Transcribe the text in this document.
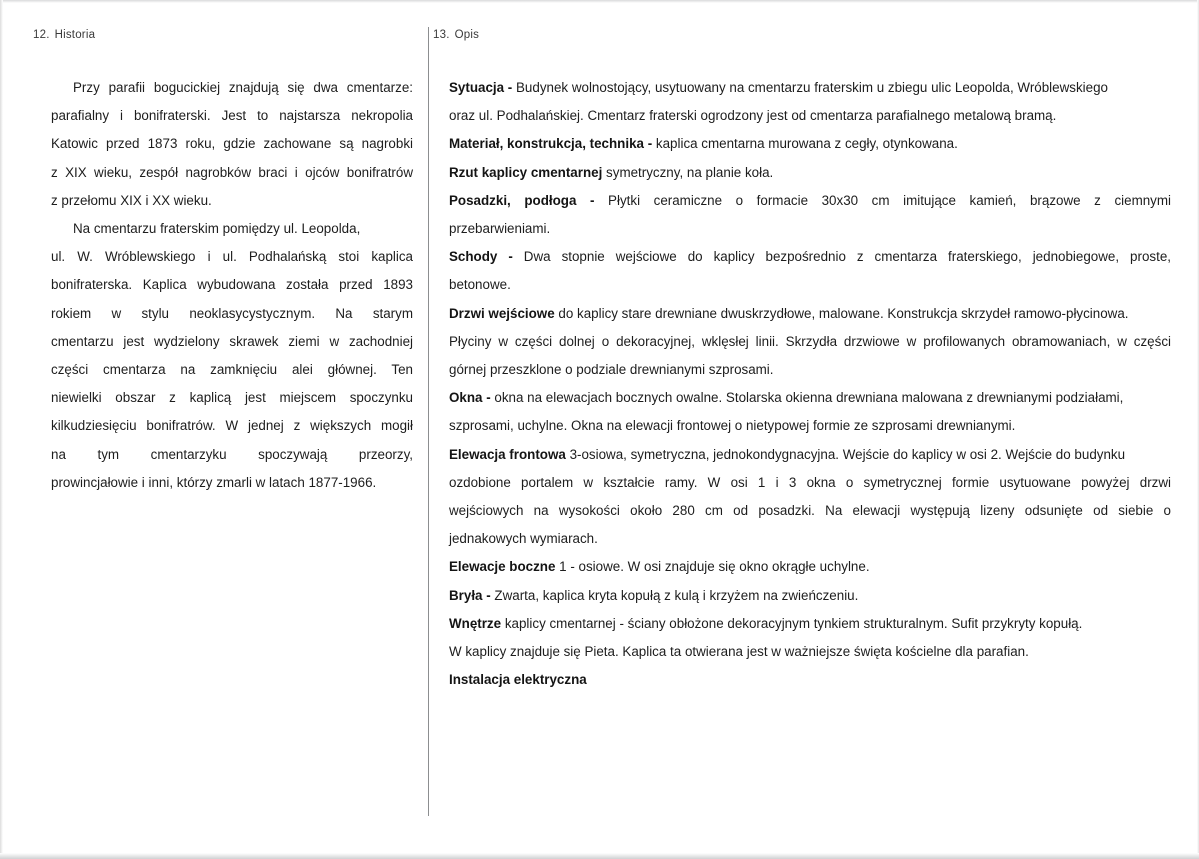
12. Historia	13. Opis

Przy parafii bogucickiej znajdują się dwa cmentarze:
parafialny i bonifraterski. Jest to najstarsza nekropolia
Katowic przed 1873 roku, gdzie zachowane są nagrobki
z XIX wieku, zespół nagrobków braci i ojców bonifratrów
z przełomu XIX i XX wieku.

Na cmentarzu fraterskim pomiędzy ul. Leopolda,
ul. W. Wróblewskiego i ul. Podhalańską stoi kaplica
bonifraterska. Kaplica wybudowana została przed 1893
rokiem w stylu neoklasycystycznym. Na starym
cmentarzu jest wydzielony skrawek ziemi w zachodniej
części cmentarza na zamknięciu alei głównej. Ten
niewielki obszar z kaplicą jest miejscem spoczynku
kilkudziesięciu bonifratrów. W jednej z większych mogił
na tym cmentarzyku spoczywają przeorzy,
prowincjałowie i inni, którzy zmarli w latach 1877-1966.

Sytuacja - Budynek wolnostojący, usytuowany na cmentarzu fraterskim u zbiegu ulic Leopolda, Wróblewskiego
oraz ul. Podhalańskiej. Cmentarz fraterski ogrodzony jest od cmentarza parafialnego metalową bramą.
Materiał, konstrukcja, technika - kaplica cmentarna murowana z cegły, otynkowana.
Rzut kaplicy cmentarnej symetryczny, na planie koła.
Posadzki, podłoga - Płytki ceramiczne o formacie 30x30 cm imitujące kamień, brązowe z ciemnymi
przebarwieniami.
Schody - Dwa stopnie wejściowe do kaplicy bezpośrednio z cmentarza fraterskiego, jednobiegowe, proste,
betonowe.
Drzwi wejściowe do kaplicy stare drewniane dwuskrzydłowe, malowane. Konstrukcja skrzydeł ramowo-płycinowa.
Płyciny w części dolnej o dekoracyjnej, wklęsłej linii. Skrzydła drzwiowe w profilowanych obramowaniach, w części
górnej przeszklone o podziale drewnianymi szprosami.
Okna - okna na elewacjach bocznych owalne. Stolarska okienna drewniana malowana z drewnianymi podziałami,
szprosami, uchylne. Okna na elewacji frontowej o nietypowej formie ze szprosami drewnianymi.
Elewacja frontowa 3-osiowa, symetryczna, jednokondygnacyjna. Wejście do kaplicy w osi 2. Wejście do budynku
ozdobione portalem w kształcie ramy. W osi 1 i 3 okna o symetrycznej formie usytuowane powyżej drzwi
wejściowych na wysokości około 280 cm od posadzki. Na elewacji występują lizeny odsunięte od siebie o
jednakowych wymiarach.
Elewacje boczne 1 - osiowe. W osi znajduje się okno okrągłe uchylne.
Bryła - Zwarta, kaplica kryta kopułą z kulą i krzyżem na zwieńczeniu.
Wnętrze kaplicy cmentarnej - ściany obłożone dekoracyjnym tynkiem strukturalnym. Sufit przykryty kopułą.
W kaplicy znajduje się Pieta. Kaplica ta otwierana jest w ważniejsze święta kościelne dla parafian.
Instalacja elektryczna
